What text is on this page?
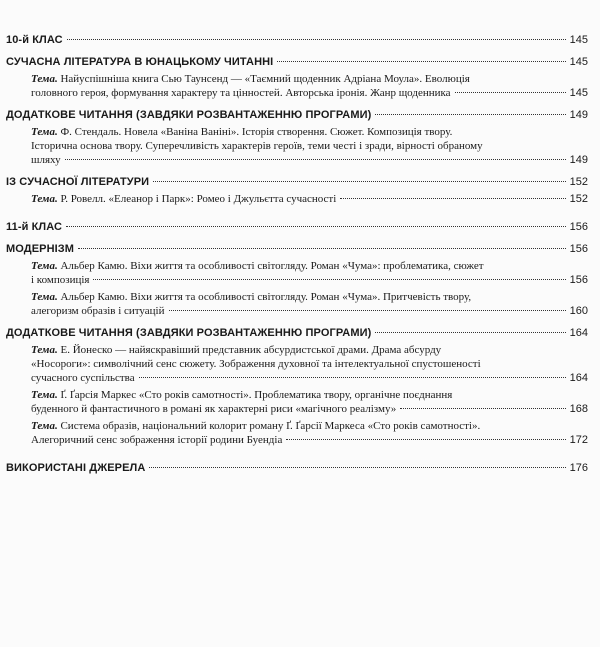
10-й КЛАС	145
СУЧАСНА ЛІТЕРАТУРА В ЮНАЦЬКОМУ ЧИТАННІ	145
Тема. Найуспішніша книга Сью Таунсенд — «Таємний щоденник Адріана Моула». Еволюція
головного героя, формування характеру та цінностей. Авторська іронія. Жанр щоденника	145
ДОДАТКОВЕ ЧИТАННЯ (ЗАВДЯКИ РОЗВАНТАЖЕННЮ ПРОГРАМИ)	149
Тема. Ф. Стендаль. Новела «Ваніна Ваніні». Історія створення. Сюжет. Композиція твору.
Історична основа твору. Суперечливість характерів героїв, теми честі і зради, вірності обраному
шляху	149
ІЗ СУЧАСНОЇ ЛІТЕРАТУРИ	152
Тема. Р. Ровелл. «Елеанор і Парк»: Ромео і Джульєтта сучасності	152
11-й КЛАС	156
МОДЕРНІЗМ	156
Тема. Альбер Камю. Віхи життя та особливості світогляду. Роман «Чума»: проблематика, сюжет
і композиція	156
Тема. Альбер Камю. Віхи життя та особливості світогляду. Роман «Чума». Притчевість твору,
алегоризм образів і ситуацій	160
ДОДАТКОВЕ ЧИТАННЯ (ЗАВДЯКИ РОЗВАНТАЖЕННЮ ПРОГРАМИ)	164
Тема. Е. Йонеско — найяскравіший представник абсурдистської драми. Драма абсурду
«Носороги»: символічний сенс сюжету. Зображення духовної та інтелектуальної спустошеності
сучасного суспільства	164
Тема. Ґ. Ґарсія Маркес «Сто років самотності». Проблематика твору, органічне поєднання
буденного й фантастичного в романі як характерні риси «магічного реалізму»	168
Тема. Система образів, національний колорит роману Ґ. Ґарсії Маркеса «Сто років самотності».
Алегоричний сенс зображення історії родини Буендіа	172
ВИКОРИСТАНІ ДЖЕРЕЛА	176
